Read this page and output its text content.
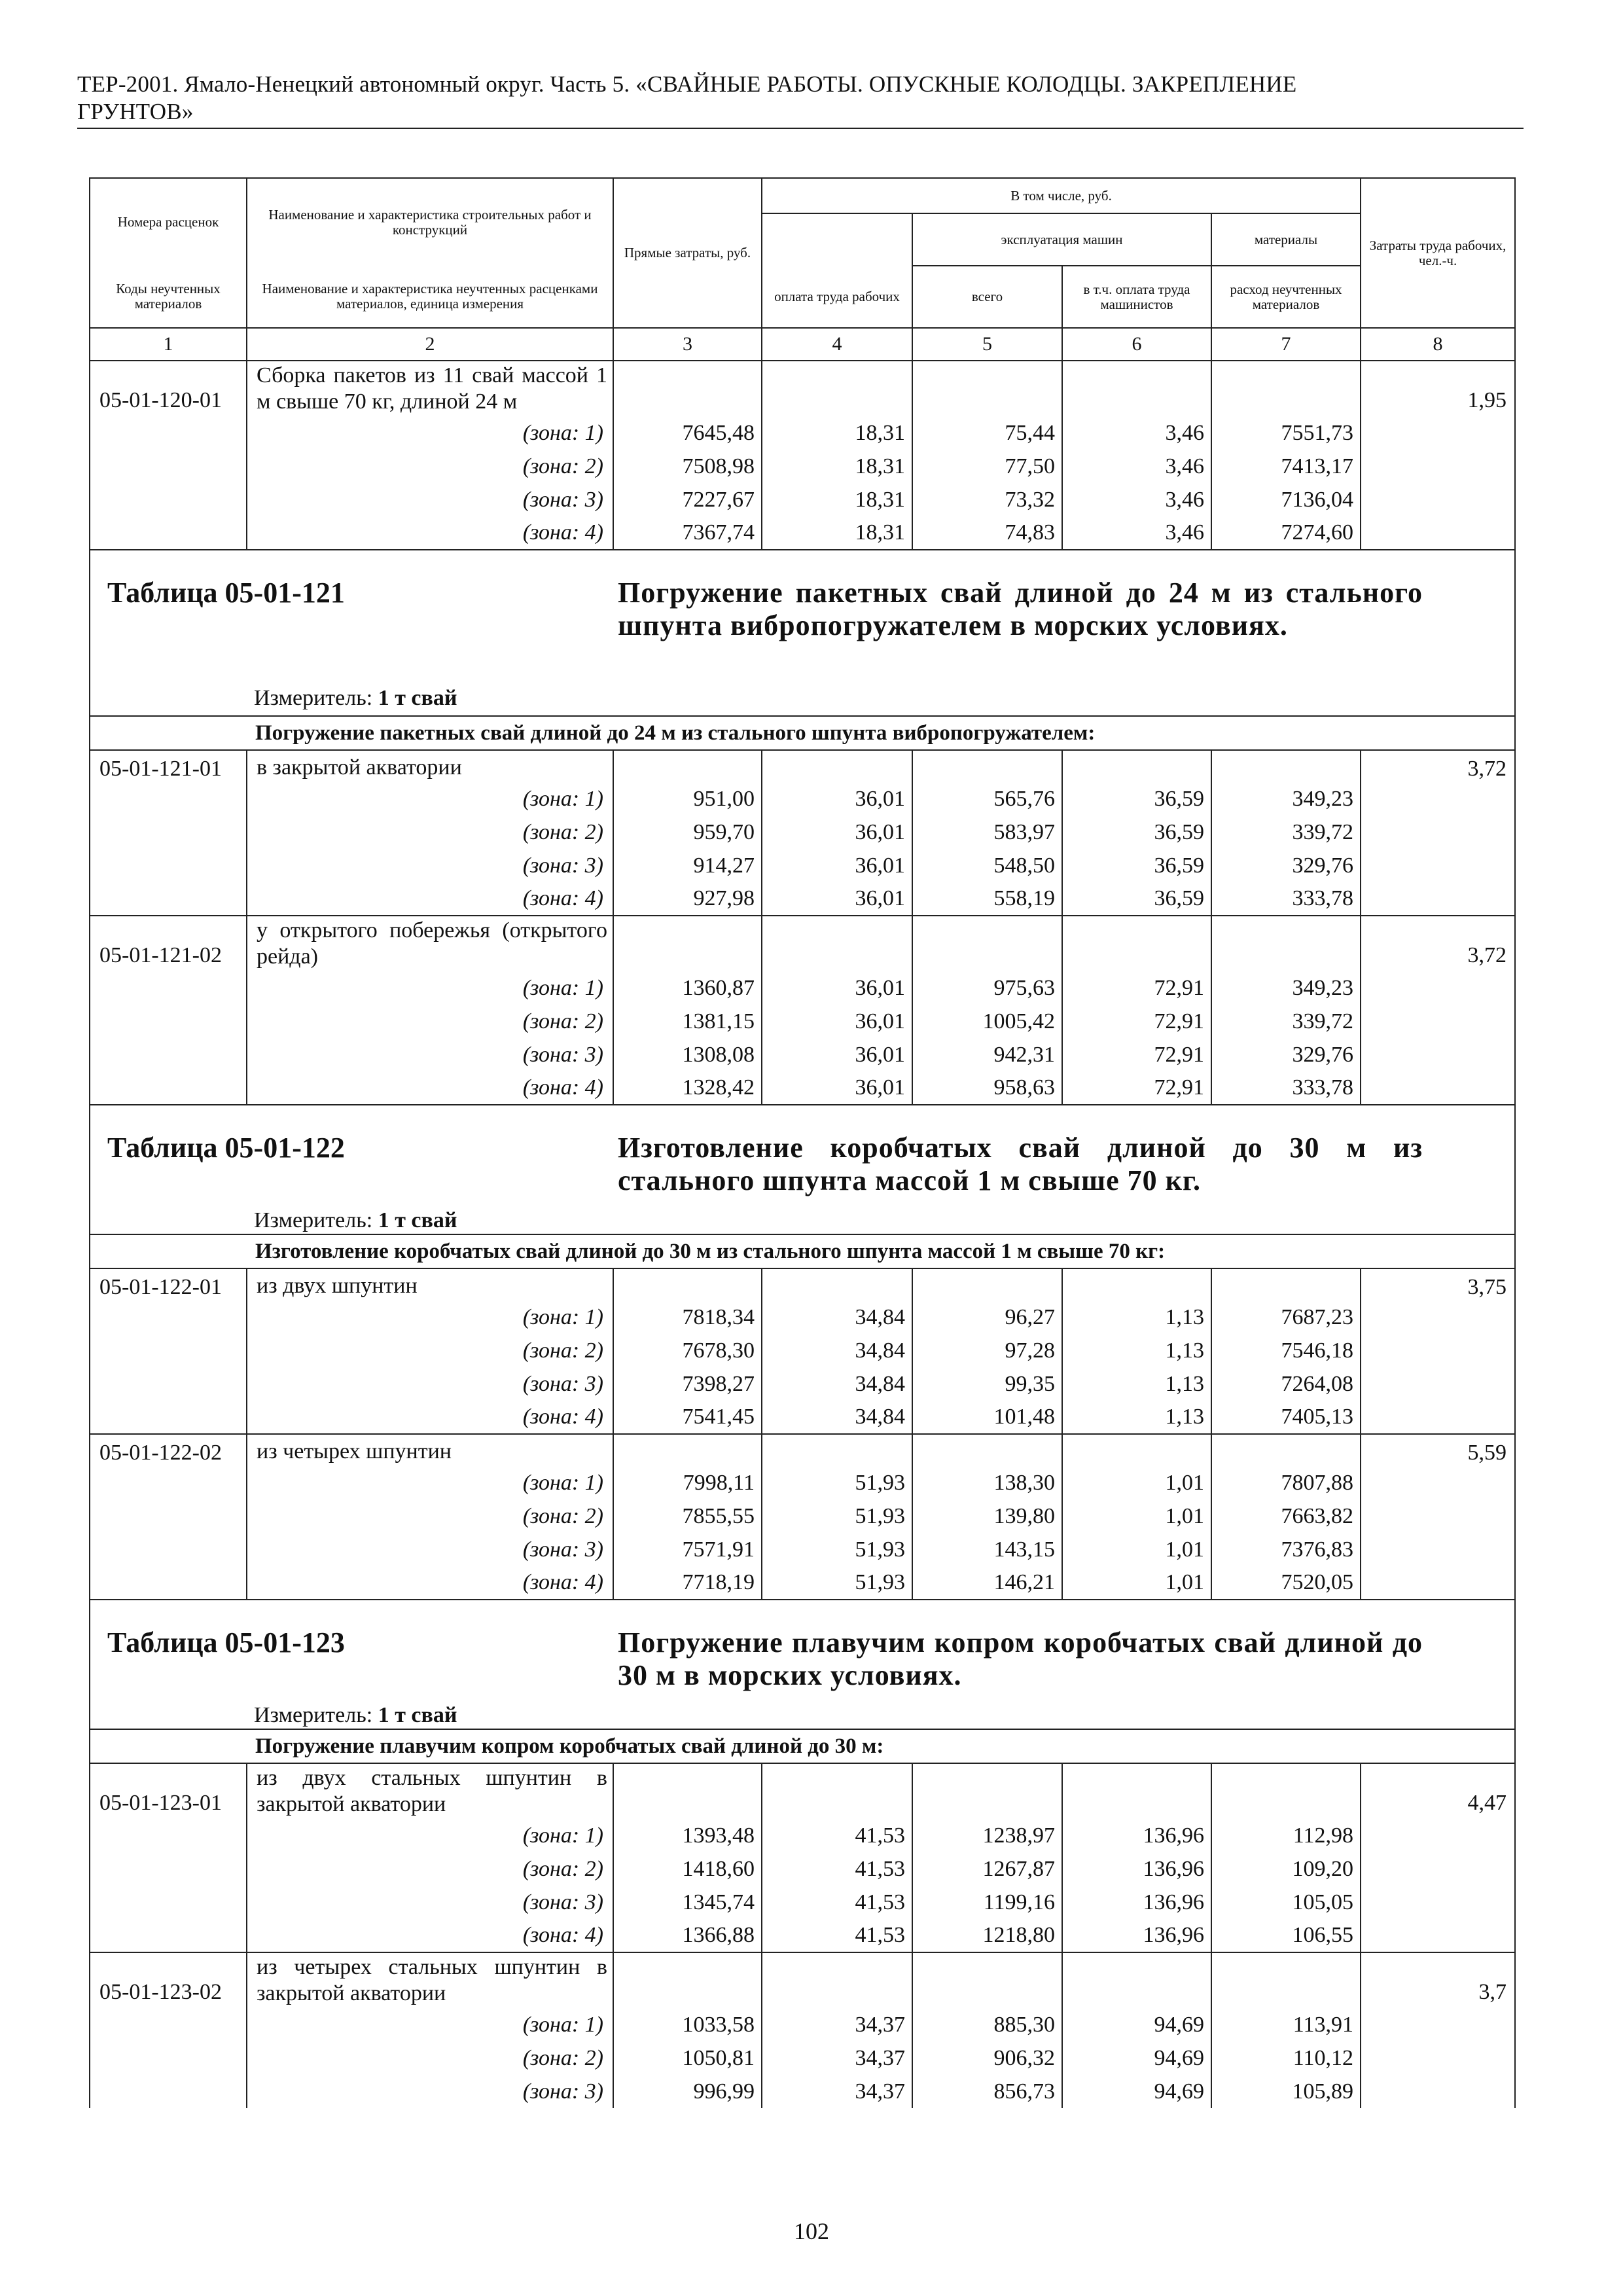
ТЕР-2001. Ямало-Ненецкий автономный округ. Часть 5. «СВАЙНЫЕ РАБОТЫ. ОПУСКНЫЕ КОЛОДЦЫ. ЗАКРЕПЛЕНИЕ
ГРУНТОВ»
Номера расценок	Наименование и характеристика строительных работ и конструкций	Прямые затраты, руб.	В том числе, руб.				Затраты труда рабочих, чел.-ч.
				эксплуатация машин		материалы	
				всего	в т.ч. оплата труда машинистов	расход неучтенных материалов	
Коды неучтенных материалов	Наименование и характеристика неучтенных расценками материалов, единица измерения		оплата труда рабочих				
1	2	3	4	5	6	7	8
05-01-120-01	Сборка пакетов из 11 свай массой 1 м свыше 70 кг, длиной 24 м						1,95
	(зона: 1)	7645,48	18,31	75,44	3,46	7551,73	
	(зона: 2)	7508,98	18,31	77,50	3,46	7413,17	
	(зона: 3)	7227,67	18,31	73,32	3,46	7136,04	
	(зона: 4)	7367,74	18,31	74,83	3,46	7274,60	

Таблица 05-01-121 Погружение пакетных свай длиной до 24 м из стального шпунта вибропогружателем в морских условиях.
Измеритель: 1 т свай							

Погружение пакетных свай длиной до 24 м из стального шпунта вибропогружателем:							
05-01-121-01	в закрытой акватории						3,72
	(зона: 1)	951,00	36,01	565,76	36,59	349,23	
	(зона: 2)	959,70	36,01	583,97	36,59	339,72	
	(зона: 3)	914,27	36,01	548,50	36,59	329,76	
	(зона: 4)	927,98	36,01	558,19	36,59	333,78	
05-01-121-02	у открытого побережья (открытого рейда)						3,72
	(зона: 1)	1360,87	36,01	975,63	72,91	349,23	
	(зона: 2)	1381,15	36,01	1005,42	72,91	339,72	
	(зона: 3)	1308,08	36,01	942,31	72,91	329,76	
	(зона: 4)	1328,42	36,01	958,63	72,91	333,78	

Таблица 05-01-122 Изготовление коробчатых свай длиной до 30 м из стального шпунта массой 1 м свыше 70 кг.
Измеритель: 1 т свай							

Изготовление коробчатых свай длиной до 30 м из стального шпунта массой 1 м свыше 70 кг:							
05-01-122-01	из двух шпунтин						3,75
	(зона: 1)	7818,34	34,84	96,27	1,13	7687,23	
	(зона: 2)	7678,30	34,84	97,28	1,13	7546,18	
	(зона: 3)	7398,27	34,84	99,35	1,13	7264,08	
	(зона: 4)	7541,45	34,84	101,48	1,13	7405,13	
05-01-122-02	из четырех шпунтин						5,59
	(зона: 1)	7998,11	51,93	138,30	1,01	7807,88	
	(зона: 2)	7855,55	51,93	139,80	1,01	7663,82	
	(зона: 3)	7571,91	51,93	143,15	1,01	7376,83	
	(зона: 4)	7718,19	51,93	146,21	1,01	7520,05	

Таблица 05-01-123 Погружение плавучим копром коробчатых свай длиной до 30 м в морских условиях.
Измеритель: 1 т свай							

Погружение плавучим копром коробчатых свай длиной до 30 м:							
05-01-123-01	из двух стальных шпунтин в закрытой акватории						4,47
	(зона: 1)	1393,48	41,53	1238,97	136,96	112,98	
	(зона: 2)	1418,60	41,53	1267,87	136,96	109,20	
	(зона: 3)	1345,74	41,53	1199,16	136,96	105,05	
	(зона: 4)	1366,88	41,53	1218,80	136,96	106,55	
05-01-123-02	из четырех стальных шпунтин в закрытой акватории						3,7
	(зона: 1)	1033,58	34,37	885,30	94,69	113,91	
	(зона: 2)	1050,81	34,37	906,32	94,69	110,12	
	(зона: 3)	996,99	34,37	856,73	94,69	105,89	
102
